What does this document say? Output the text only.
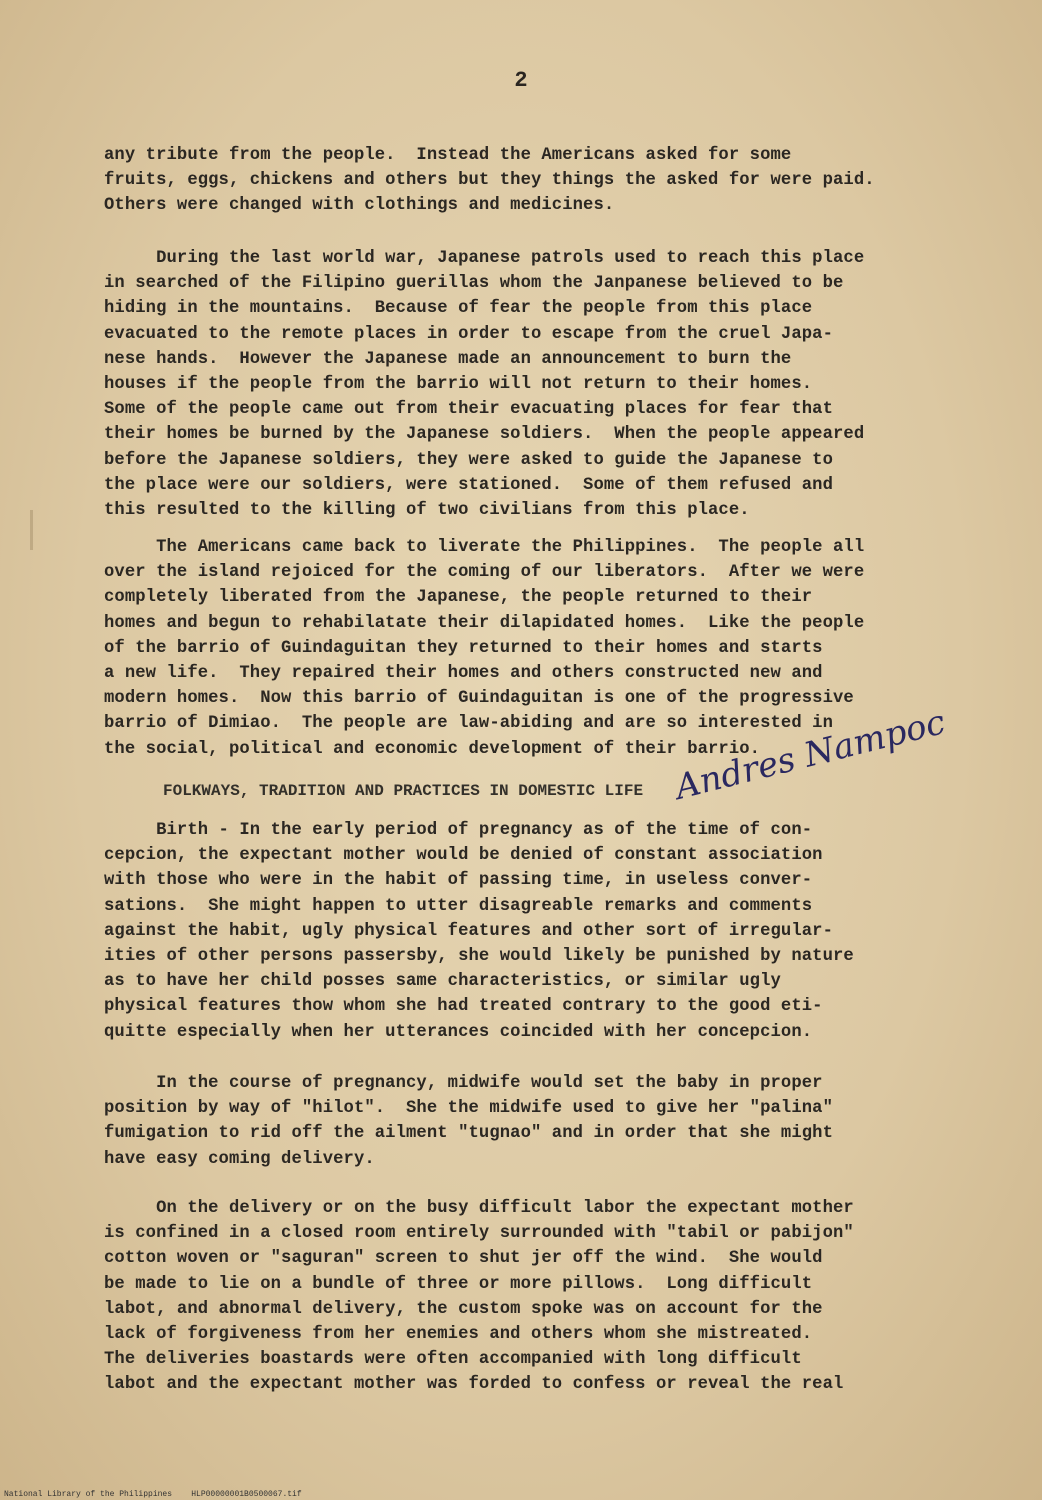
2
any tribute from the people.  Instead the Americans asked for some
fruits, eggs, chickens and others but they things the asked for were paid.
Others were changed with clothings and medicines.
During the last world war, Japanese patrols used to reach this place
in searched of the Filipino guerillas whom the Janpanese believed to be
hiding in the mountains.  Because of fear the people from this place
evacuated to the remote places in order to escape from the cruel Japa-
nese hands.  However the Japanese made an announcement to burn the
houses if the people from the barrio will not return to their homes.
Some of the people came out from their evacuating places for fear that
their homes be burned by the Japanese soldiers.  When the people appeared
before the Japanese soldiers, they were asked to guide the Japanese to
the place were our soldiers, were stationed.  Some of them refused and
this resulted to the killing of two civilians from this place.
The Americans came back to liverate the Philippines.  The people all
over the island rejoiced for the coming of our liberators.  After we were
completely liberated from the Japanese, the people returned to their
homes and begun to rehabilatate their dilapidated homes.  Like the people
of the barrio of Guindaguitan they returned to their homes and starts
a new life.  They repaired their homes and others constructed new and
modern homes.  Now this barrio of Guindaguitan is one of the progressive
barrio of Dimiao.  The people are law-abiding and are so interested in
the social, political and economic development of their barrio.
FOLKWAYS, TRADITION AND PRACTICES IN DOMESTIC LIFE Andres Nampoc
Birth - In the early period of pregnancy as of the time of con-
cepcion, the expectant mother would be denied of constant association
with those who were in the habit of passing time, in useless conver-
sations.  She might happen to utter disagreable remarks and comments
against the habit, ugly physical features and other sort of irregular-
ities of other persons passersby, she would likely be punished by nature
as to have her child posses same characteristics, or similar ugly
physical features thow whom she had treated contrary to the good eti-
quitte especially when her utterances coincided with her concepcion.
In the course of pregnancy, midwife would set the baby in proper
position by way of "hilot".  She the midwife used to give her "palina"
fumigation to rid off the ailment "tugnao" and in order that she might
have easy coming delivery.
On the delivery or on the busy difficult labor the expectant mother
is confined in a closed room entirely surrounded with "tabil or pabijon"
cotton woven or "saguran" screen to shut jer off the wind.  She would
be made to lie on a bundle of three or more pillows.  Long difficult
labot, and abnormal delivery, the custom spoke was on account for the
lack of forgiveness from her enemies and others whom she mistreated.
The deliveries boastards were often accompanied with long difficult
labot and the expectant mother was forded to confess or reveal the real
National Library of the Philippines    HLP00000001B0500067.tif
